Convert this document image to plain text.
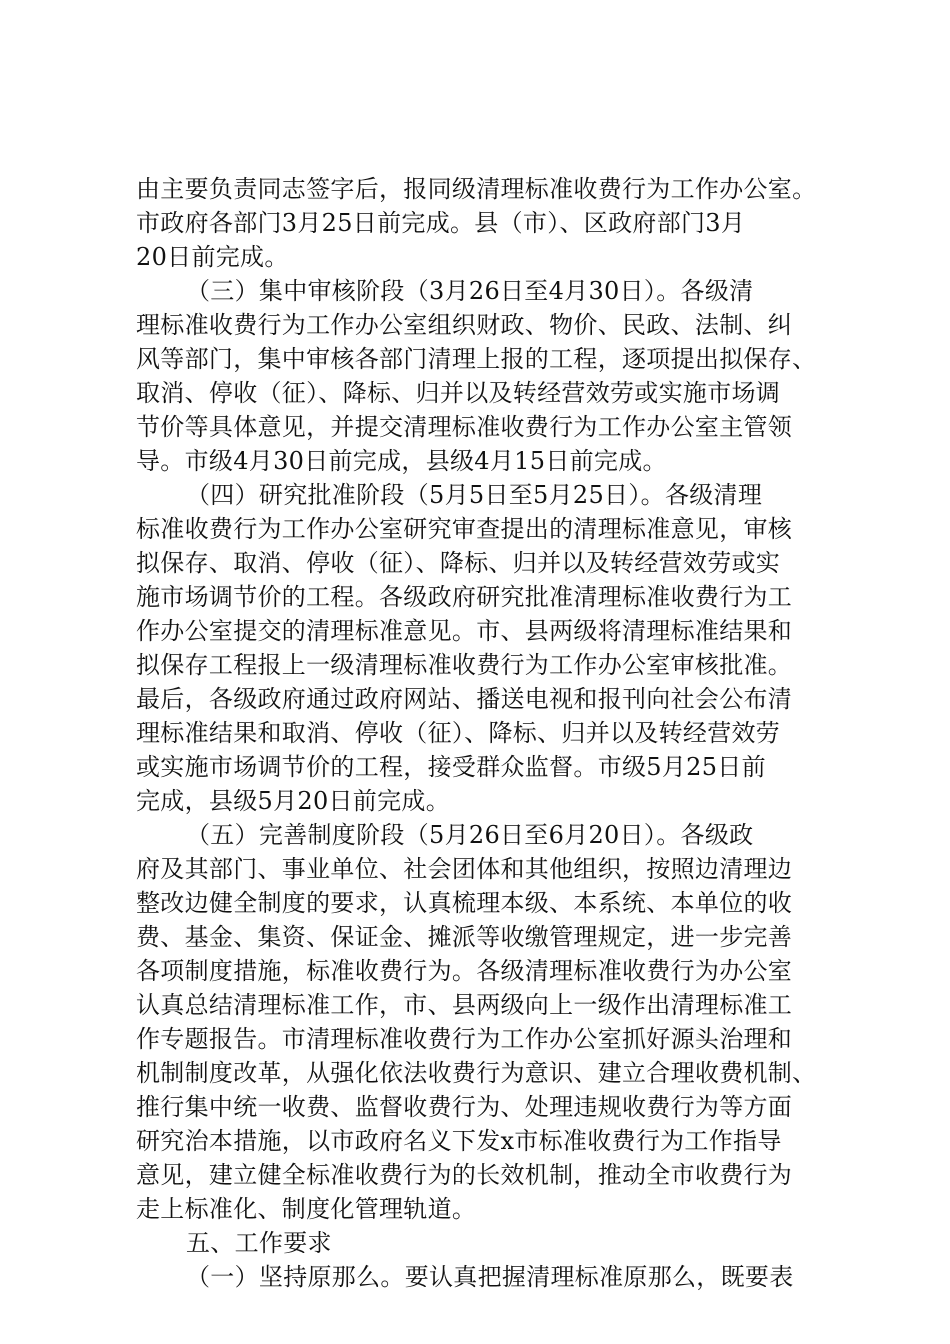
由主要负责同志签字后，报同级清理标准收费行为工作办公室。
市政府各部门3月25日前完成。县（市）、区政府部门3月
20日前完成。
（三）集中审核阶段（3月26日至4月30日）。各级清
理标准收费行为工作办公室组织财政、物价、民政、法制、纠
风等部门，集中审核各部门清理上报的工程，逐项提出拟保存、
取消、停收（征）、降标、归并以及转经营效劳或实施市场调
节价等具体意见，并提交清理标准收费行为工作办公室主管领
导。市级4月30日前完成，县级4月15日前完成。
（四）研究批准阶段（5月5日至5月25日）。各级清理
标准收费行为工作办公室研究审查提出的清理标准意见，审核
拟保存、取消、停收（征）、降标、归并以及转经营效劳或实
施市场调节价的工程。各级政府研究批准清理标准收费行为工
作办公室提交的清理标准意见。市、县两级将清理标准结果和
拟保存工程报上一级清理标准收费行为工作办公室审核批准。
最后，各级政府通过政府网站、播送电视和报刊向社会公布清
理标准结果和取消、停收（征）、降标、归并以及转经营效劳
或实施市场调节价的工程，接受群众监督。市级5月25日前
完成，县级5月20日前完成。
（五）完善制度阶段（5月26日至6月20日）。各级政
府及其部门、事业单位、社会团体和其他组织，按照边清理边
整改边健全制度的要求，认真梳理本级、本系统、本单位的收
费、基金、集资、保证金、摊派等收缴管理规定，进一步完善
各项制度措施，标准收费行为。各级清理标准收费行为办公室
认真总结清理标准工作，市、县两级向上一级作出清理标准工
作专题报告。市清理标准收费行为工作办公室抓好源头治理和
机制制度改革，从强化依法收费行为意识、建立合理收费机制、
推行集中统一收费、监督收费行为、处理违规收费行为等方面
研究治本措施，以市政府名义下发x市标准收费行为工作指导
意见，建立健全标准收费行为的长效机制，推动全市收费行为
走上标准化、制度化管理轨道。
五、工作要求
（一）坚持原那么。要认真把握清理标准原那么，既要表
